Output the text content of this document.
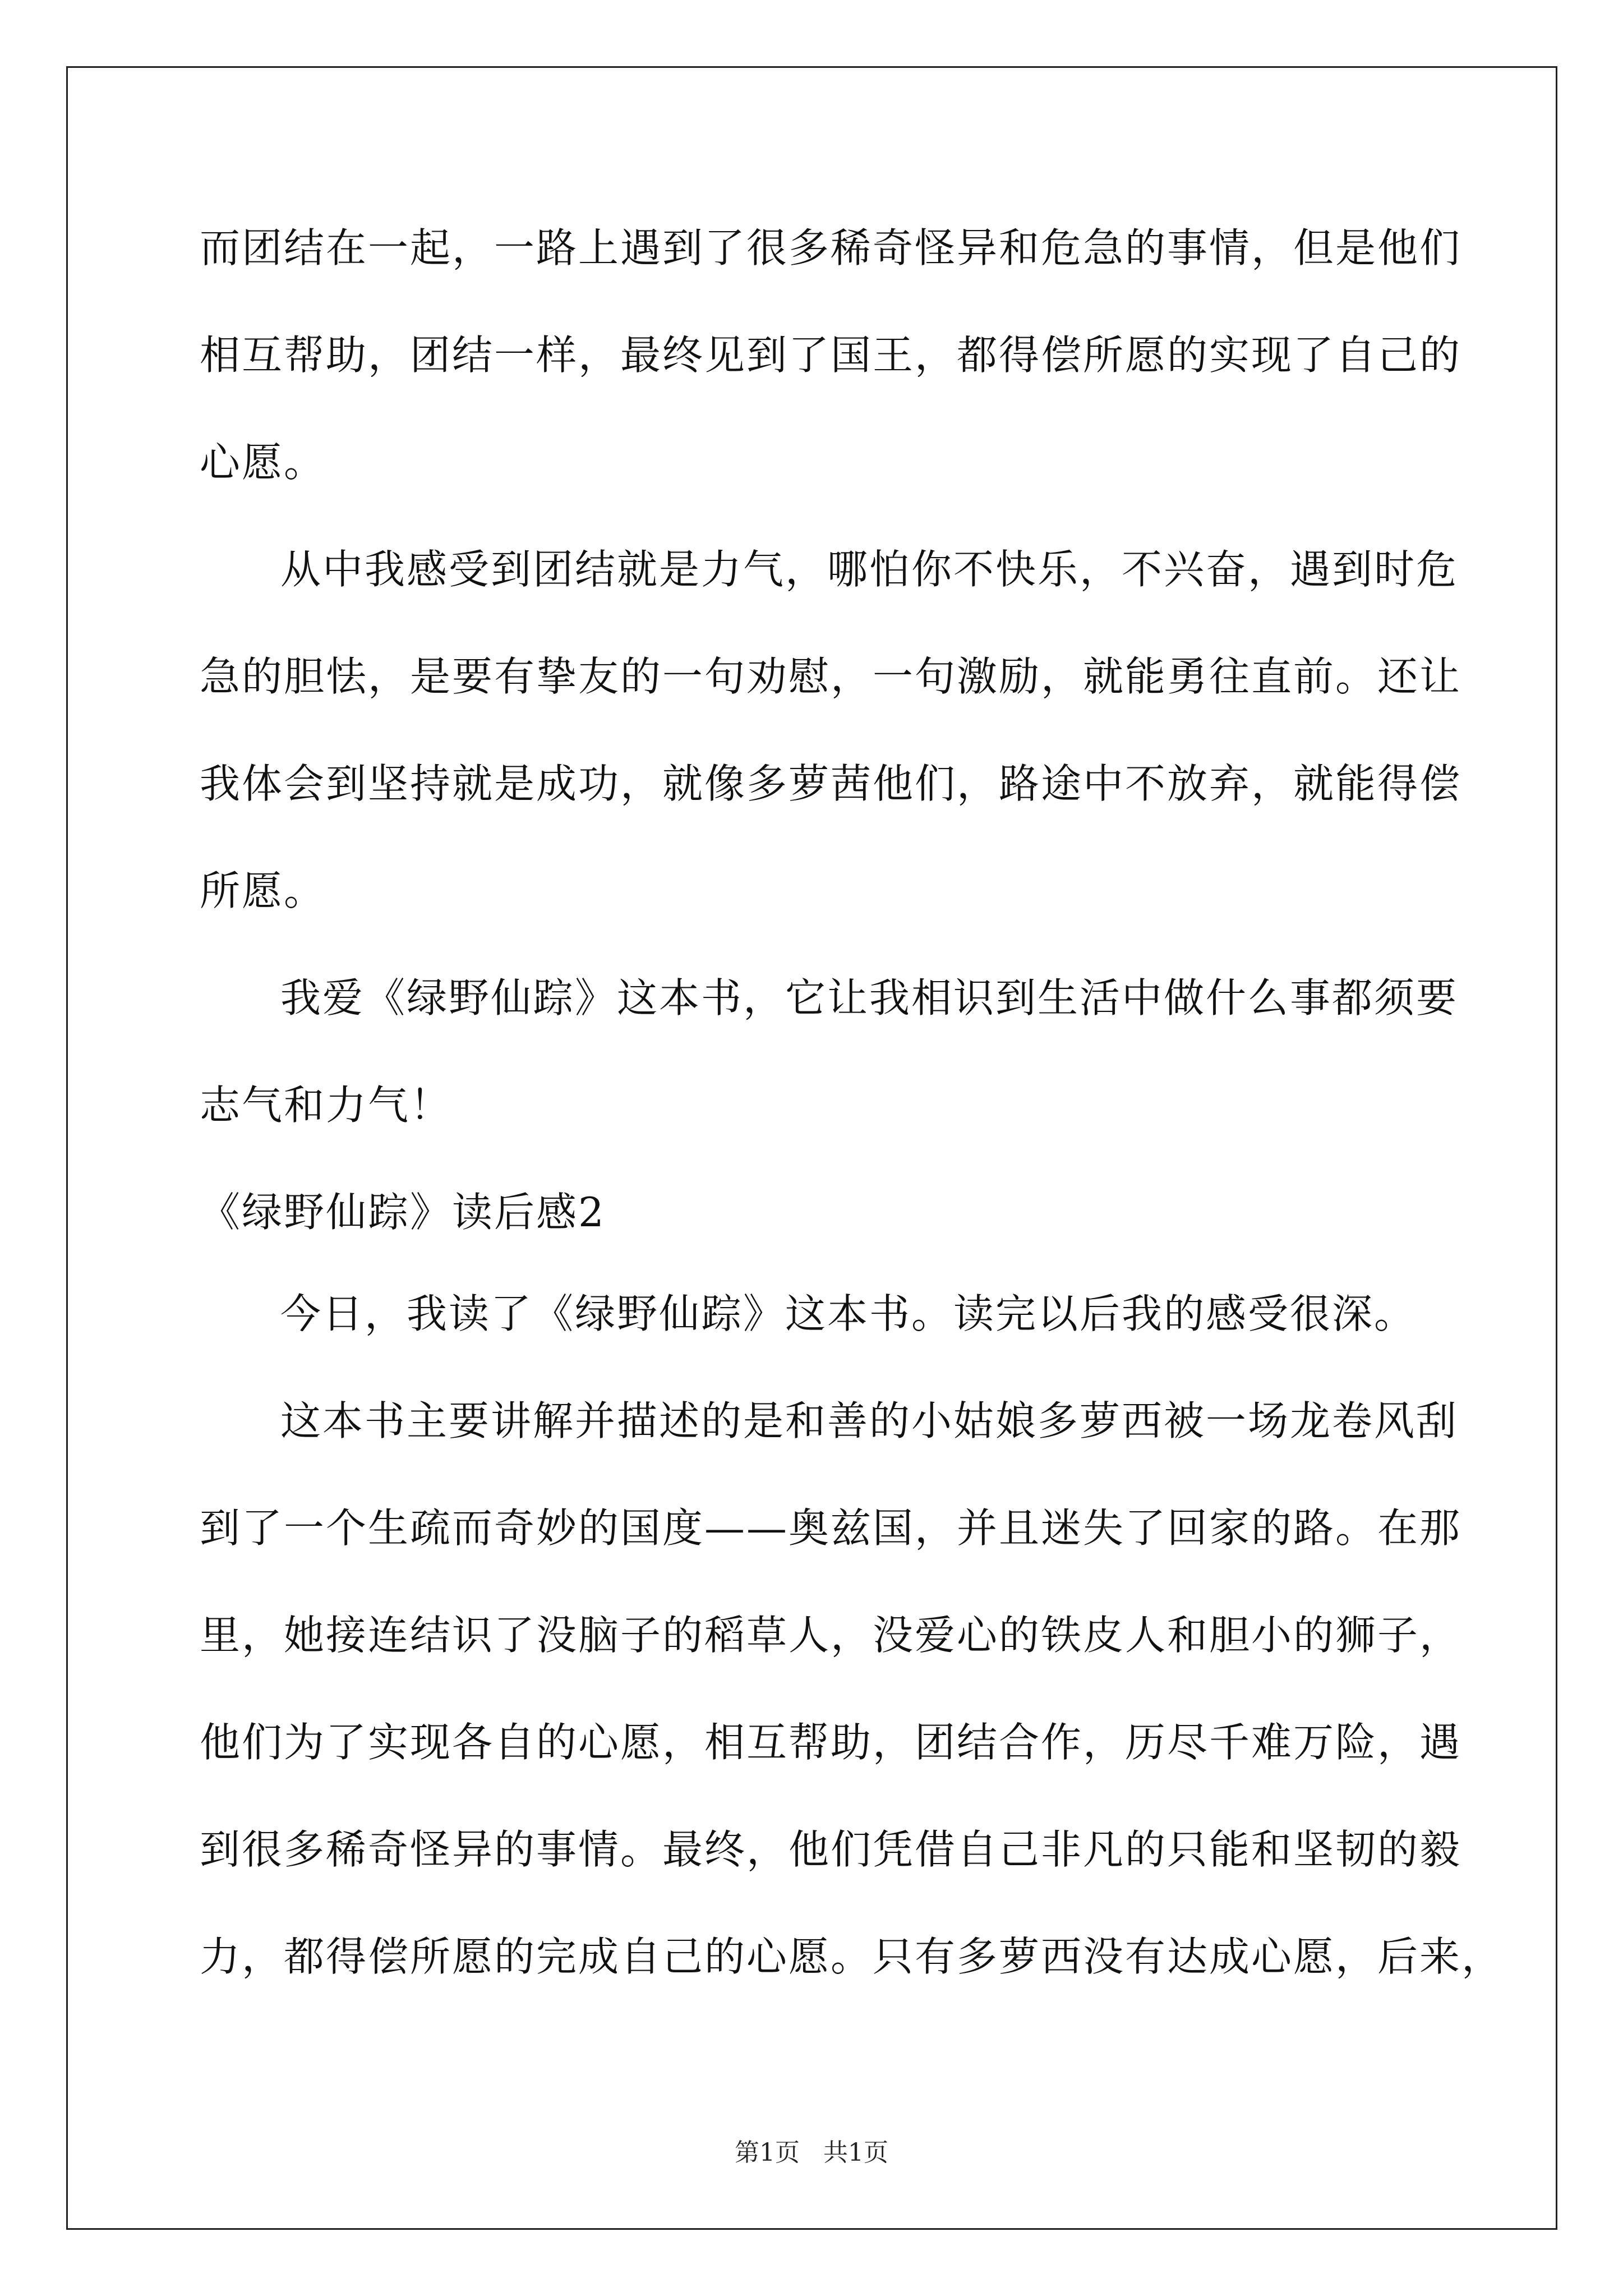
而团结在一起，一路上遇到了很多稀奇怪异和危急的事情，但是他们
相互帮助，团结一样，最终见到了国王，都得偿所愿的实现了自己的
心愿。
从中我感受到团结就是力气，哪怕你不快乐，不兴奋，遇到时危
急的胆怯，是要有挚友的一句劝慰，一句激励，就能勇往直前。还让
我体会到坚持就是成功，就像多萝茜他们，路途中不放弃，就能得偿
所愿。
我爱《绿野仙踪》这本书，它让我相识到生活中做什么事都须要
志气和力气！
《绿野仙踪》读后感2
今日，我读了《绿野仙踪》这本书。读完以后我的感受很深。
这本书主要讲解并描述的是和善的小姑娘多萝西被一场龙卷风刮
到了一个生疏而奇妙的国度——奥兹国，并且迷失了回家的路。在那
里，她接连结识了没脑子的稻草人，没爱心的铁皮人和胆小的狮子，
他们为了实现各自的心愿，相互帮助，团结合作，历尽千难万险，遇
到很多稀奇怪异的事情。最终，他们凭借自己非凡的只能和坚韧的毅
力，都得偿所愿的完成自己的心愿。只有多萝西没有达成心愿，后来，
第1页   共1页
